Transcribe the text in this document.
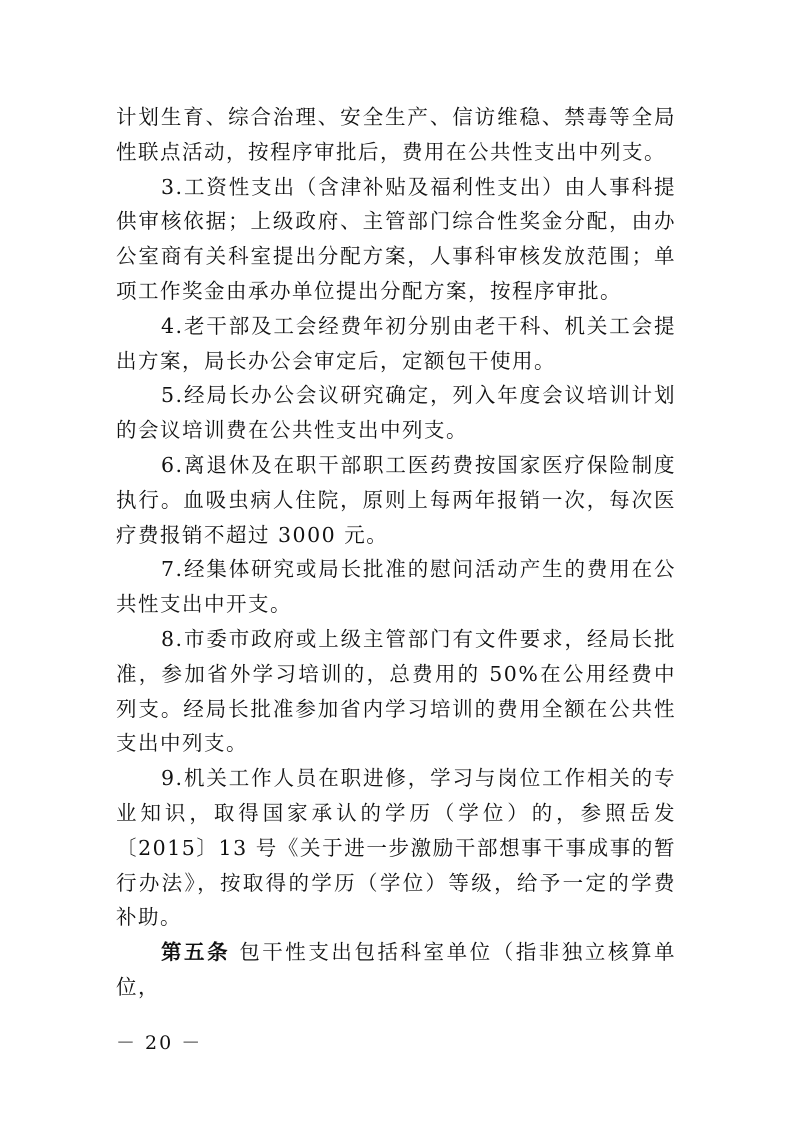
计划生育、综合治理、安全生产、信访维稳、禁毒等全局性联点活动，按程序审批后，费用在公共性支出中列支。

3.工资性支出（含津补贴及福利性支出）由人事科提供审核依据；上级政府、主管部门综合性奖金分配，由办公室商有关科室提出分配方案，人事科审核发放范围；单项工作奖金由承办单位提出分配方案，按程序审批。

4.老干部及工会经费年初分别由老干科、机关工会提出方案，局长办公会审定后，定额包干使用。

5.经局长办公会议研究确定，列入年度会议培训计划的会议培训费在公共性支出中列支。

6.离退休及在职干部职工医药费按国家医疗保险制度执行。血吸虫病人住院，原则上每两年报销一次，每次医疗费报销不超过 3000 元。

7.经集体研究或局长批准的慰问活动产生的费用在公共性支出中开支。

8.市委市政府或上级主管部门有文件要求，经局长批准，参加省外学习培训的，总费用的 50%在公用经费中列支。经局长批准参加省内学习培训的费用全额在公共性支出中列支。

9.机关工作人员在职进修，学习与岗位工作相关的专业知识，取得国家承认的学历（学位）的，参照岳发〔2015〕13 号《关于进一步激励干部想事干事成事的暂行办法》，按取得的学历（学位）等级，给予一定的学费补助。

第五条 包干性支出包括科室单位（指非独立核算单位，

－ 20 －
